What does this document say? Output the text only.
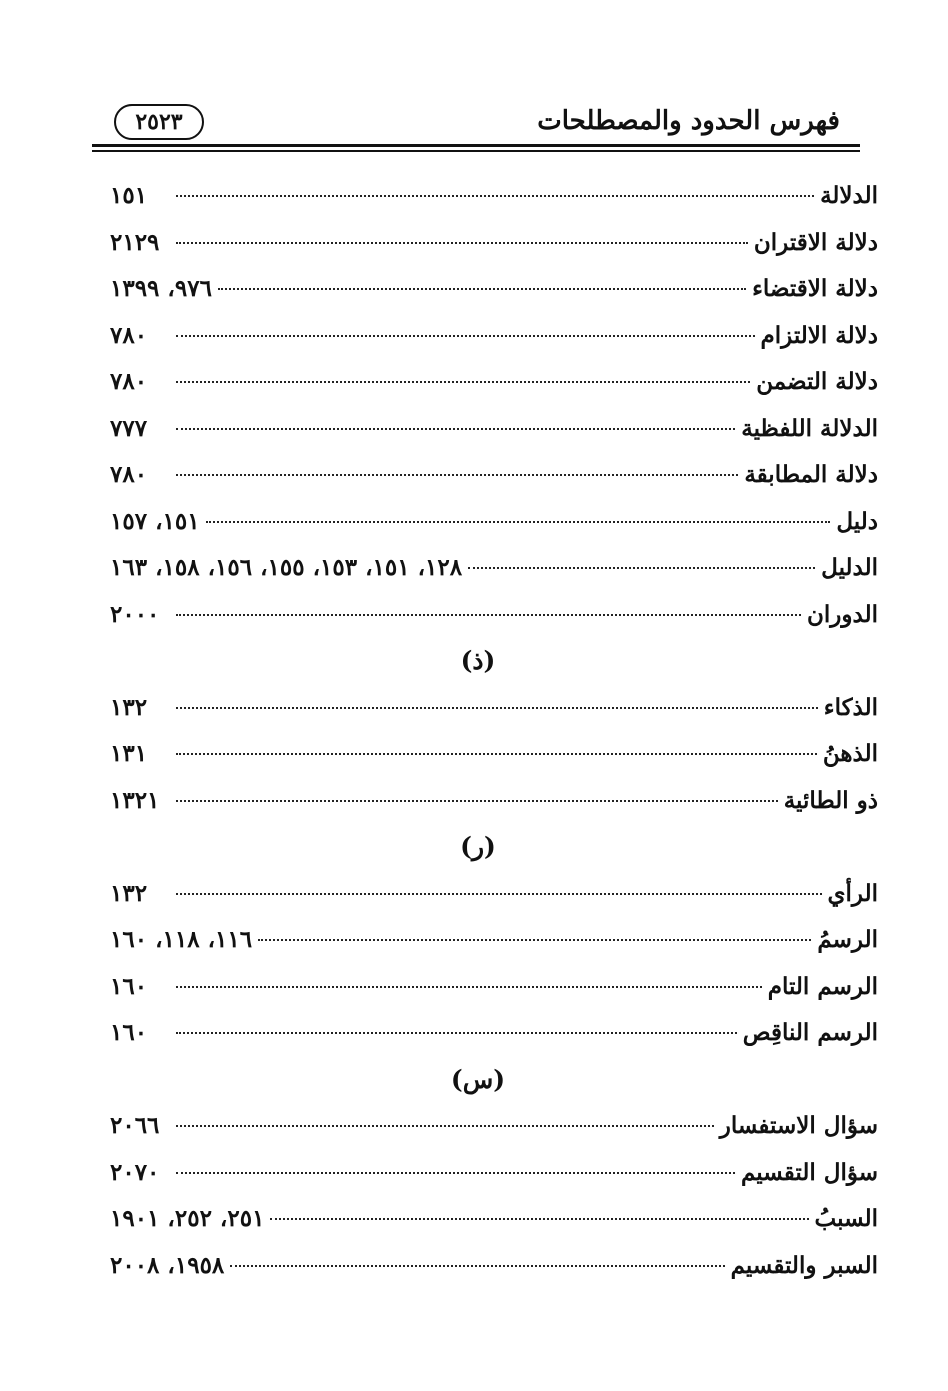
فهرس الحدود والمصطلحات
٢٥٢٣
الدلالة
١٥١
دلالة الاقتران
٢١٢٩
دلالة الاقتضاء
٩٧٦، ١٣٩٩
دلالة الالتزام
٧٨٠
دلالة التضمن
٧٨٠
الدلالة اللفظية
٧٧٧
دلالة المطابقة
٧٨٠
دليل
١٥١، ١٥٧
الدليل
١٢٨، ١٥١، ١٥٣، ١٥٥، ١٥٦، ١٥٨، ١٦٣
الدوران
٢٠٠٠
(ذ)
الذكاء
١٣٢
الذهنُ
١٣١
ذو الطائية
١٣٢١
(ر)
الرأي
١٣٢
الرسمُ
١١٦، ١١٨، ١٦٠
الرسم التام
١٦٠
الرسم الناقِص
١٦٠
(س)
سؤال الاستفسار
٢٠٦٦
سؤال التقسيم
٢٠٧٠
السببُ
٢٥١، ٢٥٢، ١٩٠١
السبر والتقسيم
١٩٥٨، ٢٠٠٨
